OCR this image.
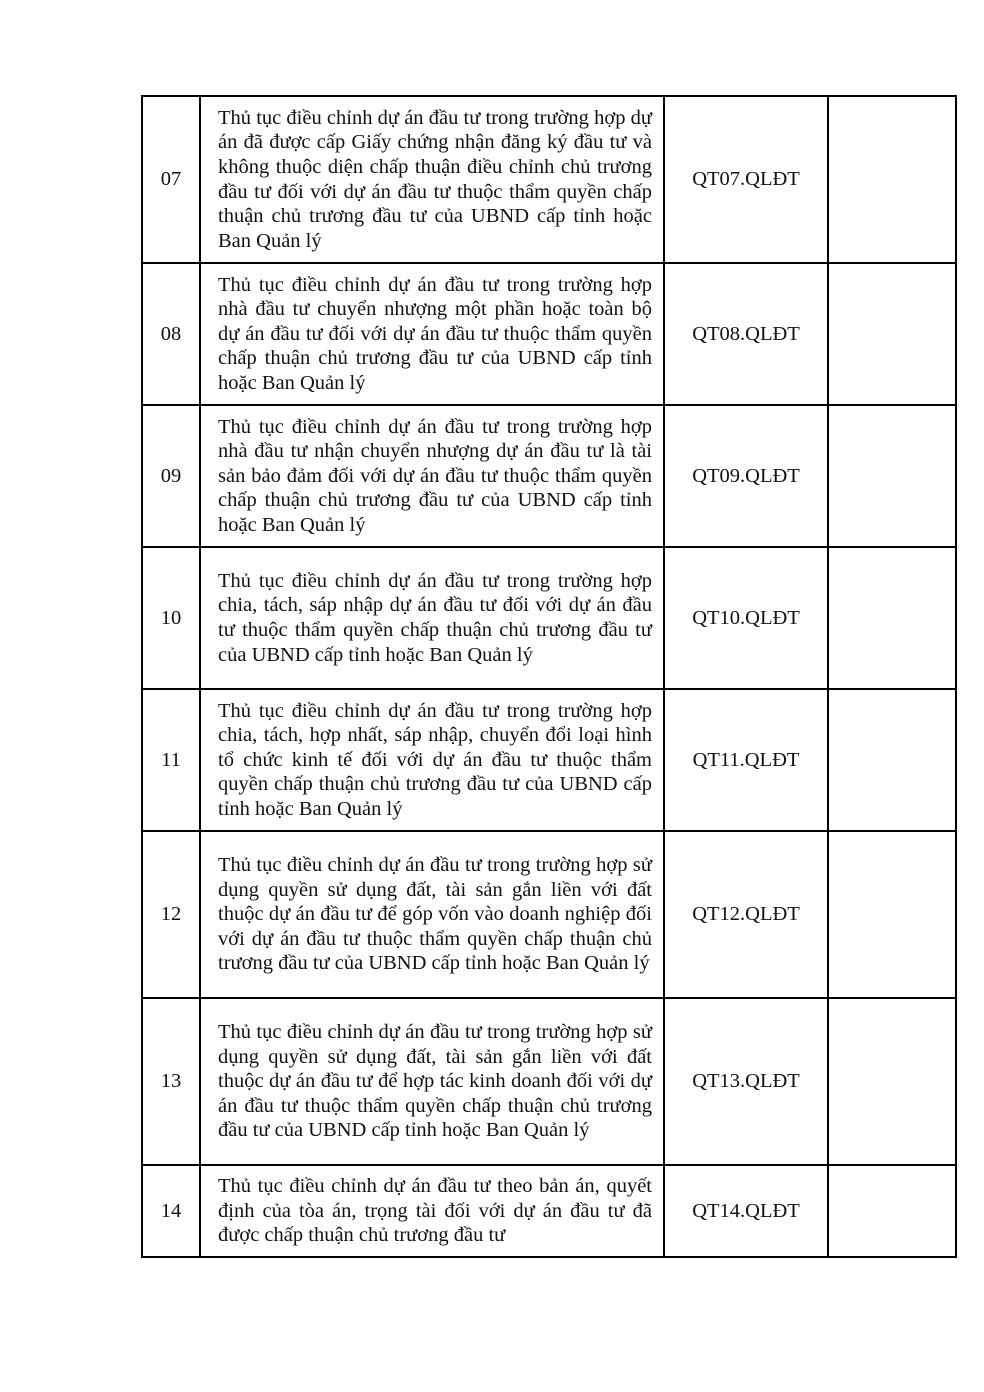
07	Thủ tục điều chỉnh dự án đầu tư trong trường hợp dự án đã được cấp Giấy chứng nhận đăng ký đầu tư và không thuộc diện chấp thuận điều chỉnh chủ trương đầu tư đối với dự án đầu tư thuộc thẩm quyền chấp thuận chủ trương đầu tư của UBND cấp tỉnh hoặc Ban Quản lý	QT07.QLĐT	
08	Thủ tục điều chỉnh dự án đầu tư trong trường hợp nhà đầu tư chuyển nhượng một phần hoặc toàn bộ dự án đầu tư đối với dự án đầu tư thuộc thẩm quyền chấp thuận chủ trương đầu tư của UBND cấp tỉnh hoặc Ban Quản lý	QT08.QLĐT	
09	Thủ tục điều chỉnh dự án đầu tư trong trường hợp nhà đầu tư nhận chuyển nhượng dự án đầu tư là tài sản bảo đảm đối với dự án đầu tư thuộc thẩm quyền chấp thuận chủ trương đầu tư của UBND cấp tỉnh hoặc Ban Quản lý	QT09.QLĐT	
10	Thủ tục điều chỉnh dự án đầu tư trong trường hợp chia, tách, sáp nhập dự án đầu tư đối với dự án đầu tư thuộc thẩm quyền chấp thuận chủ trương đầu tư của UBND cấp tỉnh hoặc Ban Quản lý	QT10.QLĐT	
11	Thủ tục điều chỉnh dự án đầu tư trong trường hợp chia, tách, hợp nhất, sáp nhập, chuyển đổi loại hình tổ chức kinh tế đối với dự án đầu tư thuộc thẩm quyền chấp thuận chủ trương đầu tư của UBND cấp tỉnh hoặc Ban Quản lý	QT11.QLĐT	
12	Thủ tục điều chỉnh dự án đầu tư trong trường hợp sử dụng quyền sử dụng đất, tài sản gắn liền với đất thuộc dự án đầu tư để góp vốn vào doanh nghiệp đối với dự án đầu tư thuộc thẩm quyền chấp thuận chủ trương đầu tư của UBND cấp tỉnh hoặc Ban Quản lý	QT12.QLĐT	
13	Thủ tục điều chỉnh dự án đầu tư trong trường hợp sử dụng quyền sử dụng đất, tài sản gắn liền với đất thuộc dự án đầu tư để hợp tác kinh doanh đối với dự án đầu tư thuộc thẩm quyền chấp thuận chủ trương đầu tư của UBND cấp tỉnh hoặc Ban Quản lý	QT13.QLĐT	
14	Thủ tục điều chỉnh dự án đầu tư theo bản án, quyết định của tòa án, trọng tài đối với dự án đầu tư đã được chấp thuận chủ trương đầu tư	QT14.QLĐT	
